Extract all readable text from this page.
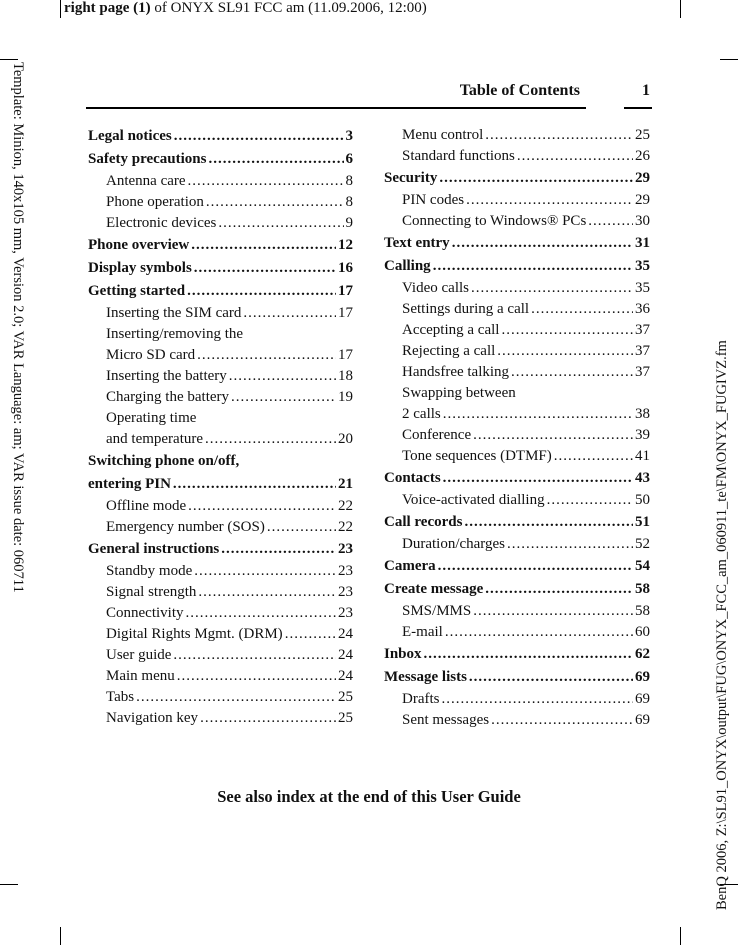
right page (1) of ONYX SL91 FCC am (11.09.2006, 12:00)
Template: Minion, 140x105 mm, Version 2.0; VAR Language: am; VAR issue date: 060711
BenQ 2006, Z:\SL91_ONYX\output\FUG\ONYX_FCC_am_060911_te\FM\ONYX_FUGIVZ.fm
Table of Contents	1
Legal notices .....	3
Safety precautions .....	6
Antenna care .....	8
Phone operation .....	8
Electronic devices .....	9
Phone overview .....	12
Display symbols .....	16
Getting started .....	17
Inserting the SIM card .....	17
Inserting/removing the
Micro SD card .....	17
Inserting the battery .....	18
Charging the battery .....	19
Operating time
and temperature .....	20
Switching phone on/off,
entering PIN .....	21
Offline mode .....	22
Emergency number (SOS) .....	22
General instructions .....	23
Standby mode .....	23
Signal strength .....	23
Connectivity .....	23
Digital Rights Mgmt. (DRM) .....	24
User guide .....	24
Main menu .....	24
Tabs .....	25
Navigation key .....	25
Menu control .....	25
Standard functions .....	26
Security .....	29
PIN codes .....	29
Connecting to Windows® PCs .....	30
Text entry .....	31
Calling .....	35
Video calls .....	35
Settings during a call .....	36
Accepting a call .....	37
Rejecting a call .....	37
Handsfree talking .....	37
Swapping between
2 calls .....	38
Conference .....	39
Tone sequences (DTMF) .....	41
Contacts .....	43
Voice-activated dialling .....	50
Call records .....	51
Duration/charges .....	52
Camera .....	54
Create message .....	58
SMS/MMS .....	58
E-mail .....	60
Inbox .....	62
Message lists .....	69
Drafts .....	69
Sent messages .....	69
See also index at the end of this User Guide
